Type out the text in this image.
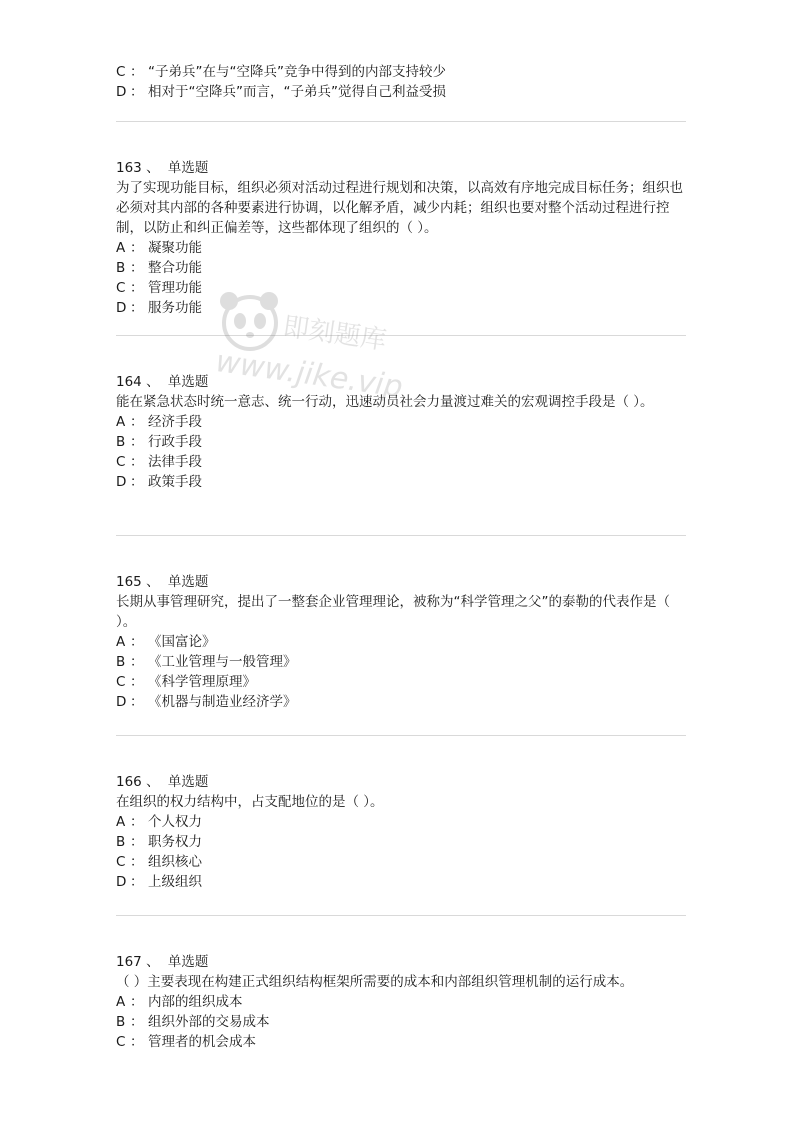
C ： “子弟兵”在与“空降兵”竞争中得到的内部支持较少
D ： 相对于“空降兵”而言，“子弟兵”觉得自己利益受损
163 、 单选题
为了实现功能目标，组织必须对活动过程进行规划和决策，以高效有序地完成目标任务；组织也必须对其内部的各种要素进行协调，以化解矛盾，减少内耗；组织也要对整个活动过程进行控制，以防止和纠正偏差等，这些都体现了组织的（ ）。
A ： 凝聚功能
B ： 整合功能
C ： 管理功能
D ： 服务功能
164 、 单选题
能在紧急状态时统一意志、统一行动，迅速动员社会力量渡过难关的宏观调控手段是（ ）。
A ： 经济手段
B ： 行政手段
C ： 法律手段
D ： 政策手段
165 、 单选题
长期从事管理研究，提出了一整套企业管理理论，被称为“科学管理之父”的泰勒的代表作是（ ）。
A ： 《国富论》
B ： 《工业管理与一般管理》
C ： 《科学管理原理》
D ： 《机器与制造业经济学》
166 、 单选题
在组织的权力结构中，占支配地位的是（ ）。
A ： 个人权力
B ： 职务权力
C ： 组织核心
D ： 上级组织
167 、 单选题
（ ）主要表现在构建正式组织结构框架所需要的成本和内部组织管理机制的运行成本。
A ： 内部的组织成本
B ： 组织外部的交易成本
C ： 管理者的机会成本
即刻题库
www.jike.vip
